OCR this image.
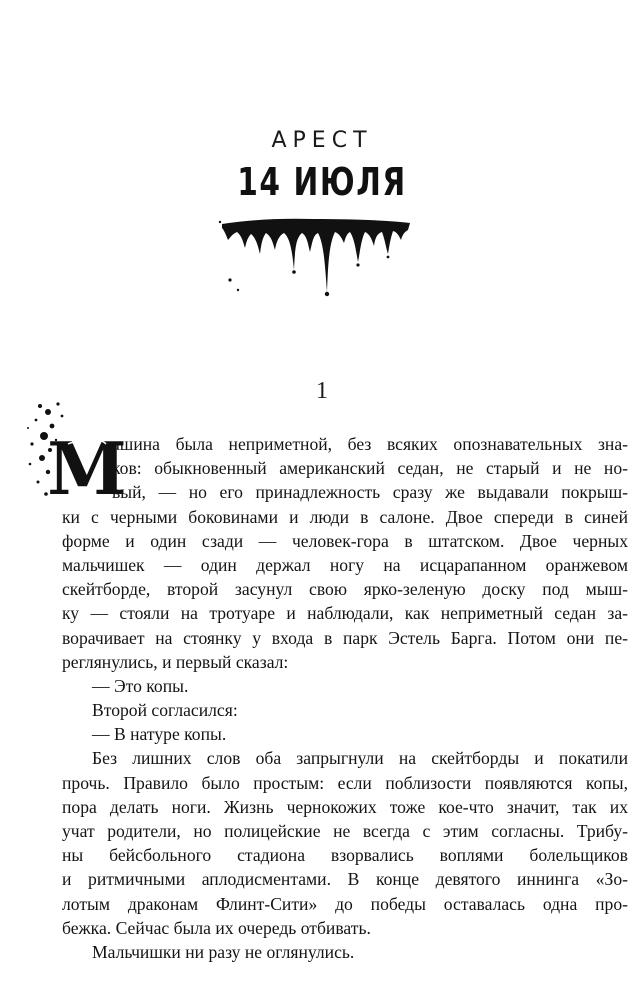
АРЕСТ
14 ИЮЛЯ
1
М
ашина была неприметной, без всяких опознавательных зна-
ков: обыкновенный американский седан, не старый и не но-
вый, — но его принадлежность сразу же выдавали покрыш-
ки с черными боковинами и люди в салоне. Двое спереди в синей
форме и один сзади — человек-гора в штатском. Двое черных
мальчишек — один держал ногу на исцарапанном оранжевом
скейтборде, второй засунул свою ярко-зеленую доску под мыш-
ку — стояли на тротуаре и наблюдали, как неприметный седан за-
ворачивает на стоянку у входа в парк Эстель Барга. Потом они пе-
реглянулись, и первый сказал:
— Это копы.
Второй согласился:
— В натуре копы.
Без лишних слов оба запрыгнули на скейтборды и покатили
прочь. Правило было простым: если поблизости появляются копы,
пора делать ноги. Жизнь чернокожих тоже кое-что значит, так их
учат родители, но полицейские не всегда с этим согласны. Трибу-
ны бейсбольного стадиона взорвались воплями болельщиков
и ритмичными аплодисментами. В конце девятого иннинга «Зо-
лотым драконам Флинт-Сити» до победы оставалась одна про-
бежка. Сейчас была их очередь отбивать.
Мальчишки ни разу не оглянулись.
